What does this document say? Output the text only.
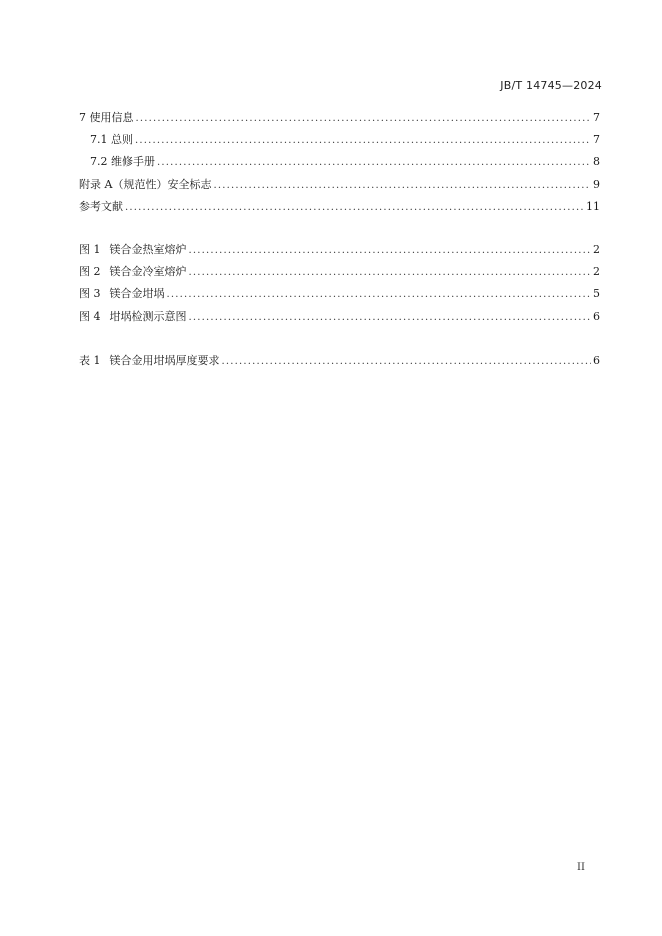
JB/T 14745—2024
7 使用信息 .....	7
7.1 总则 .....	7
7.2 维修手册 .....	8
附录 A（规范性）安全标志 .....	9
参考文献 .....	11
图 1 镁合金热室熔炉 .....	2
图 2 镁合金冷室熔炉 .....	2
图 3 镁合金坩埚 .....	5
图 4 坩埚检测示意图 .....	6
表 1 镁合金用坩埚厚度要求 .....	6
II
